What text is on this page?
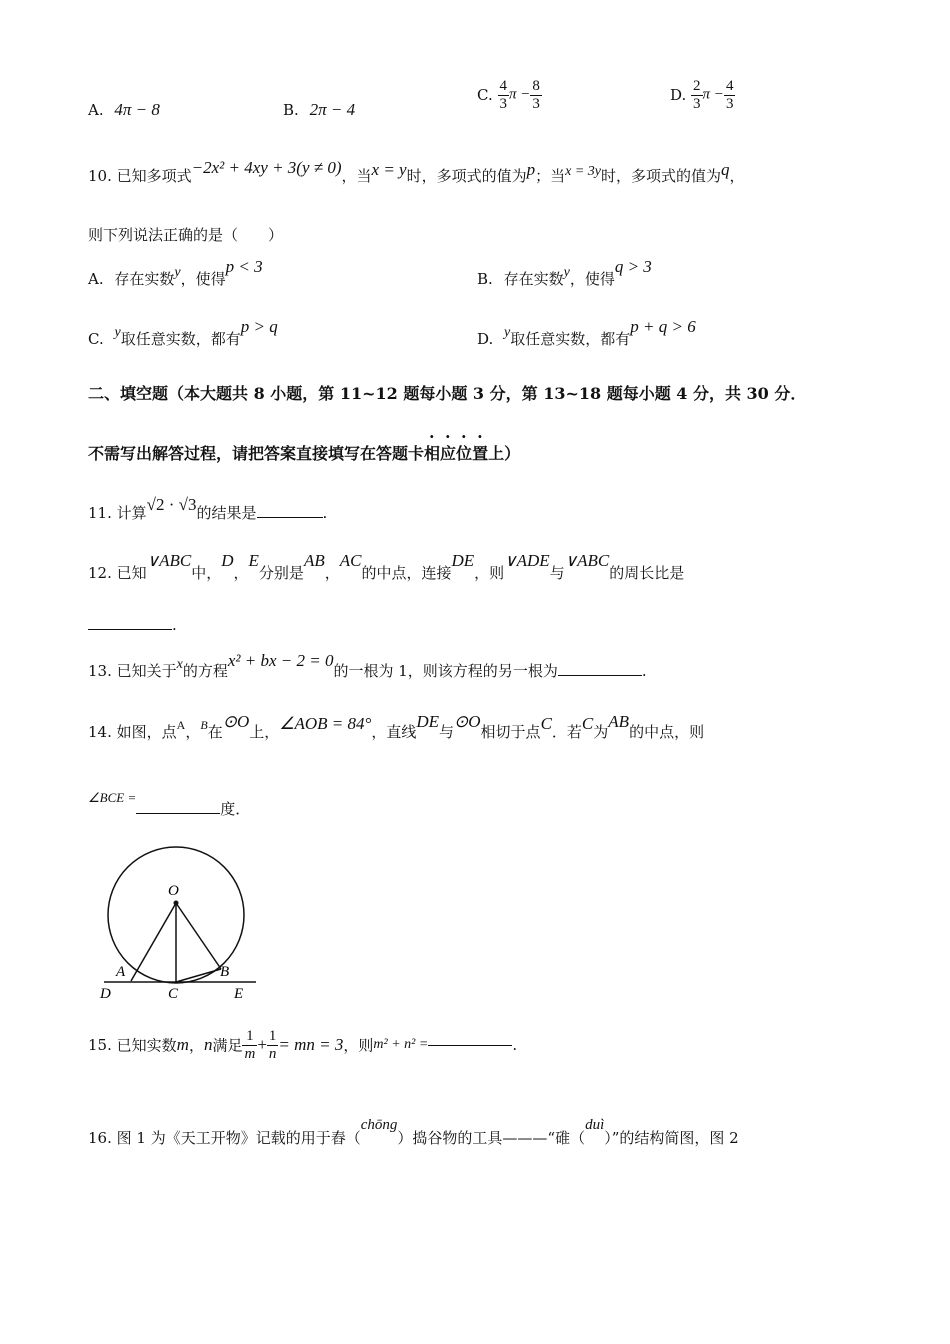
A. 4π − 8	B. 2π − 4
C. $\frac{4}{3}$ $\pi - \frac{8}{3}$	D. $\frac{2}{3}$ $\pi - \frac{4}{3}$
10. 已知多项式−2x² + 4xy + 3(y ≠ 0)，当x = y时，多项式的值为p；当x = 3y时，多项式的值为q，
则下列说法正确的是（　　）
A. 存在实数y，使得p < 3
B. 存在实数y，使得q > 3
C. y取任意实数，都有p > q
D. y取任意实数，都有p + q > 6
二、填空题（本大题共 8 小题，第 11~12 题每小题 3 分，第 13~18 题每小题 4 分，共 30 分．
不需写出解答过程，请把答案直接填写在答题卡相应位置上）
11. 计算√2 · √3的结果是	.
12. 已知∨ABC中，D，E分别是AB，AC的中点，连接DE，则∨ADE与∨ABC的周长比是
.
13. 已知关于x的方程x² + bx − 2 = 0的一根为 1，则该方程的另一根为	.
14. 如图，点$^A$，$^B$在⊙O上，∠AOB = 84°，直线DE与⊙O相切于点C．若C为AB的中点，则
∠BCE =度．
O
A	B
C
D	E
15. 已知实数m，n满足 $\frac{1}{m} + \frac{1}{n}$ = mn = 3，则m² + n² =	.
16. 图 1 为《天工开物》记载的用于舂（chōng）捣谷物的工具———“碓（duì）”的结构简图，图 2
